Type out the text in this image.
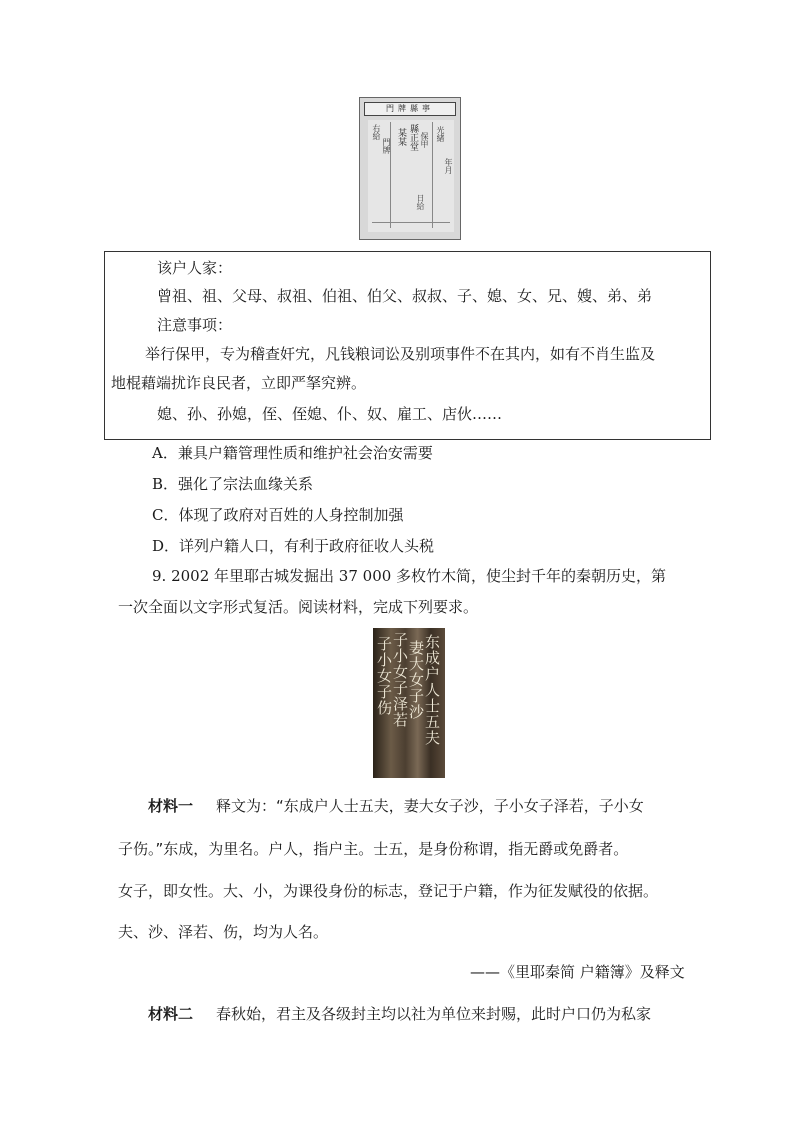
門牌縣寧
右給
門牌 某某 縣正堂 保甲 光緒
年月
日給
该户人家：
曾祖、祖、父母、叔祖、伯祖、伯父、叔叔、子、媳、女、兄、嫂、弟、弟
注意事项：
举行保甲，专为稽查奸宄，凡钱粮词讼及别项事件不在其内，如有不肖生监及
地棍藉端扰诈良民者，立即严拏究辨。
媳、孙、孙媳，侄、侄媳、仆、奴、雇工、店伙……
A．兼具户籍管理性质和维护社会治安需要
B．强化了宗法血缘关系
C．体现了政府对百姓的人身控制加强
D．详列户籍人口，有利于政府征收人头税
9. 2002 年里耶古城发掘出 37 000 多枚竹木简，使尘封千年的秦朝历史，第
一次全面以文字形式复活。阅读材料，完成下列要求。
东成户人士五夫
妻大女子沙
子小女子泽若
子小女子伤
材料一 释文为：“东成户人士五夫，妻大女子沙，子小女子泽若，子小女
子伤。”东成，为里名。户人，指户主。士五，是身份称谓，指无爵或免爵者。
女子，即女性。大、小，为课役身份的标志，登记于户籍，作为征发赋役的依据。
夫、沙、泽若、伤，均为人名。
——《里耶秦简 户籍簿》及释文
材料二 春秋始，君主及各级封主均以社为单位来封赐，此时户口仍为私家
